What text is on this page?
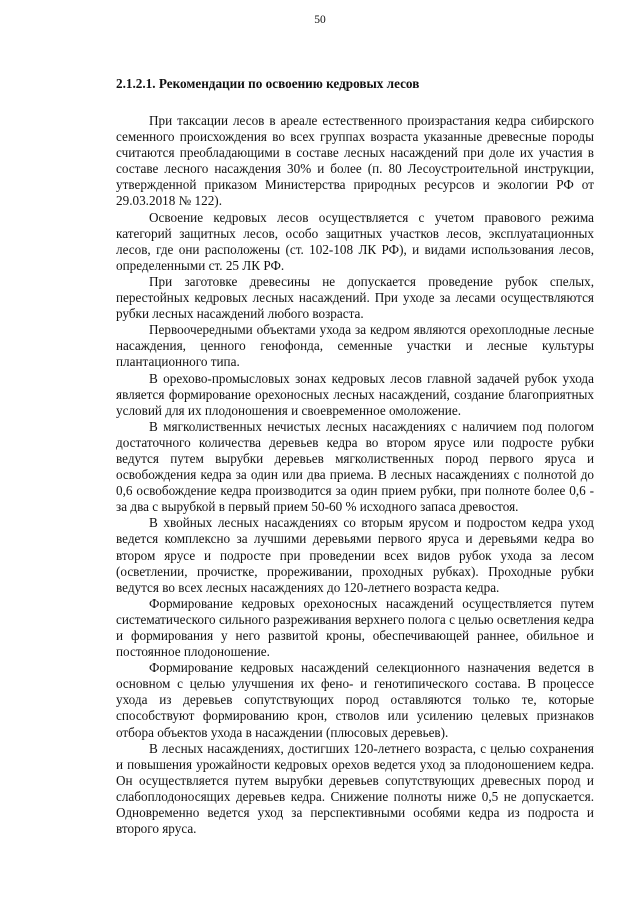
50
2.1.2.1. Рекомендации по освоению кедровых лесов

При таксации лесов в ареале естественного произрастания кедра сибирского семенного происхождения во всех группах возраста указанные древесные породы считаются преобладающими в составе лесных насаждений при доле их участия в составе лесного насаждения 30% и более (п. 80 Лесоустроительной инструкции, утвержденной приказом Министерства природных ресурсов и экологии РФ от 29.03.2018 № 122).

Освоение кедровых лесов осуществляется с учетом правового режима категорий защитных лесов, особо защитных участков лесов, эксплуатационных лесов, где они расположены (ст. 102-108 ЛК РФ), и видами использования лесов, определенными ст. 25 ЛК РФ.

При заготовке древесины не допускается проведение рубок спелых, перестойных кедровых лесных насаждений. При уходе за лесами осуществляются рубки лесных насаждений любого возраста.

Первоочередными объектами ухода за кедром являются орехоплодные лесные насаждения, ценного генофонда, семенные участки и лесные культуры плантационного типа.

В орехово-промысловых зонах кедровых лесов главной задачей рубок ухода является формирование орехоносных лесных насаждений, создание благоприятных условий для их плодоношения и своевременное омоложение.

В мягколиственных нечистых лесных насаждениях с наличием под пологом достаточного количества деревьев кедра во втором ярусе или подросте рубки ведутся путем вырубки деревьев мягколиственных пород первого яруса и освобождения кедра за один или два приема. В лесных насаждениях с полнотой до 0,6 освобождение кедра производится за один прием рубки, при полноте более 0,6 - за два с вырубкой в первый прием 50-60 % исходного запаса древостоя.

В хвойных лесных насаждениях со вторым ярусом и подростом кедра уход ведется комплексно за лучшими деревьями первого яруса и деревьями кедра во втором ярусе и подросте при проведении всех видов рубок ухода за лесом (осветлении, прочистке, прореживании, проходных рубках). Проходные рубки ведутся во всех лесных насаждениях до 120-летнего возраста кедра.

Формирование кедровых орехоносных насаждений осуществляется путем систематического сильного разреживания верхнего полога с целью осветления кедра и формирования у него развитой кроны, обеспечивающей раннее, обильное и постоянное плодоношение.

Формирование кедровых насаждений селекционного назначения ведется в основном с целью улучшения их фено- и генотипического состава. В процессе ухода из деревьев сопутствующих пород оставляются только те, которые способствуют формированию крон, стволов или усилению целевых признаков отбора объектов ухода в насаждении (плюсовых деревьев).

В лесных насаждениях, достигших 120-летнего возраста, с целью сохранения и повышения урожайности кедровых орехов ведется уход за плодоношением кедра. Он осуществляется путем вырубки деревьев сопутствующих древесных пород и слабоплодоносящих деревьев кедра. Снижение полноты ниже 0,5 не допускается. Одновременно ведется уход за перспективными особями кедра из подроста и второго яруса.
